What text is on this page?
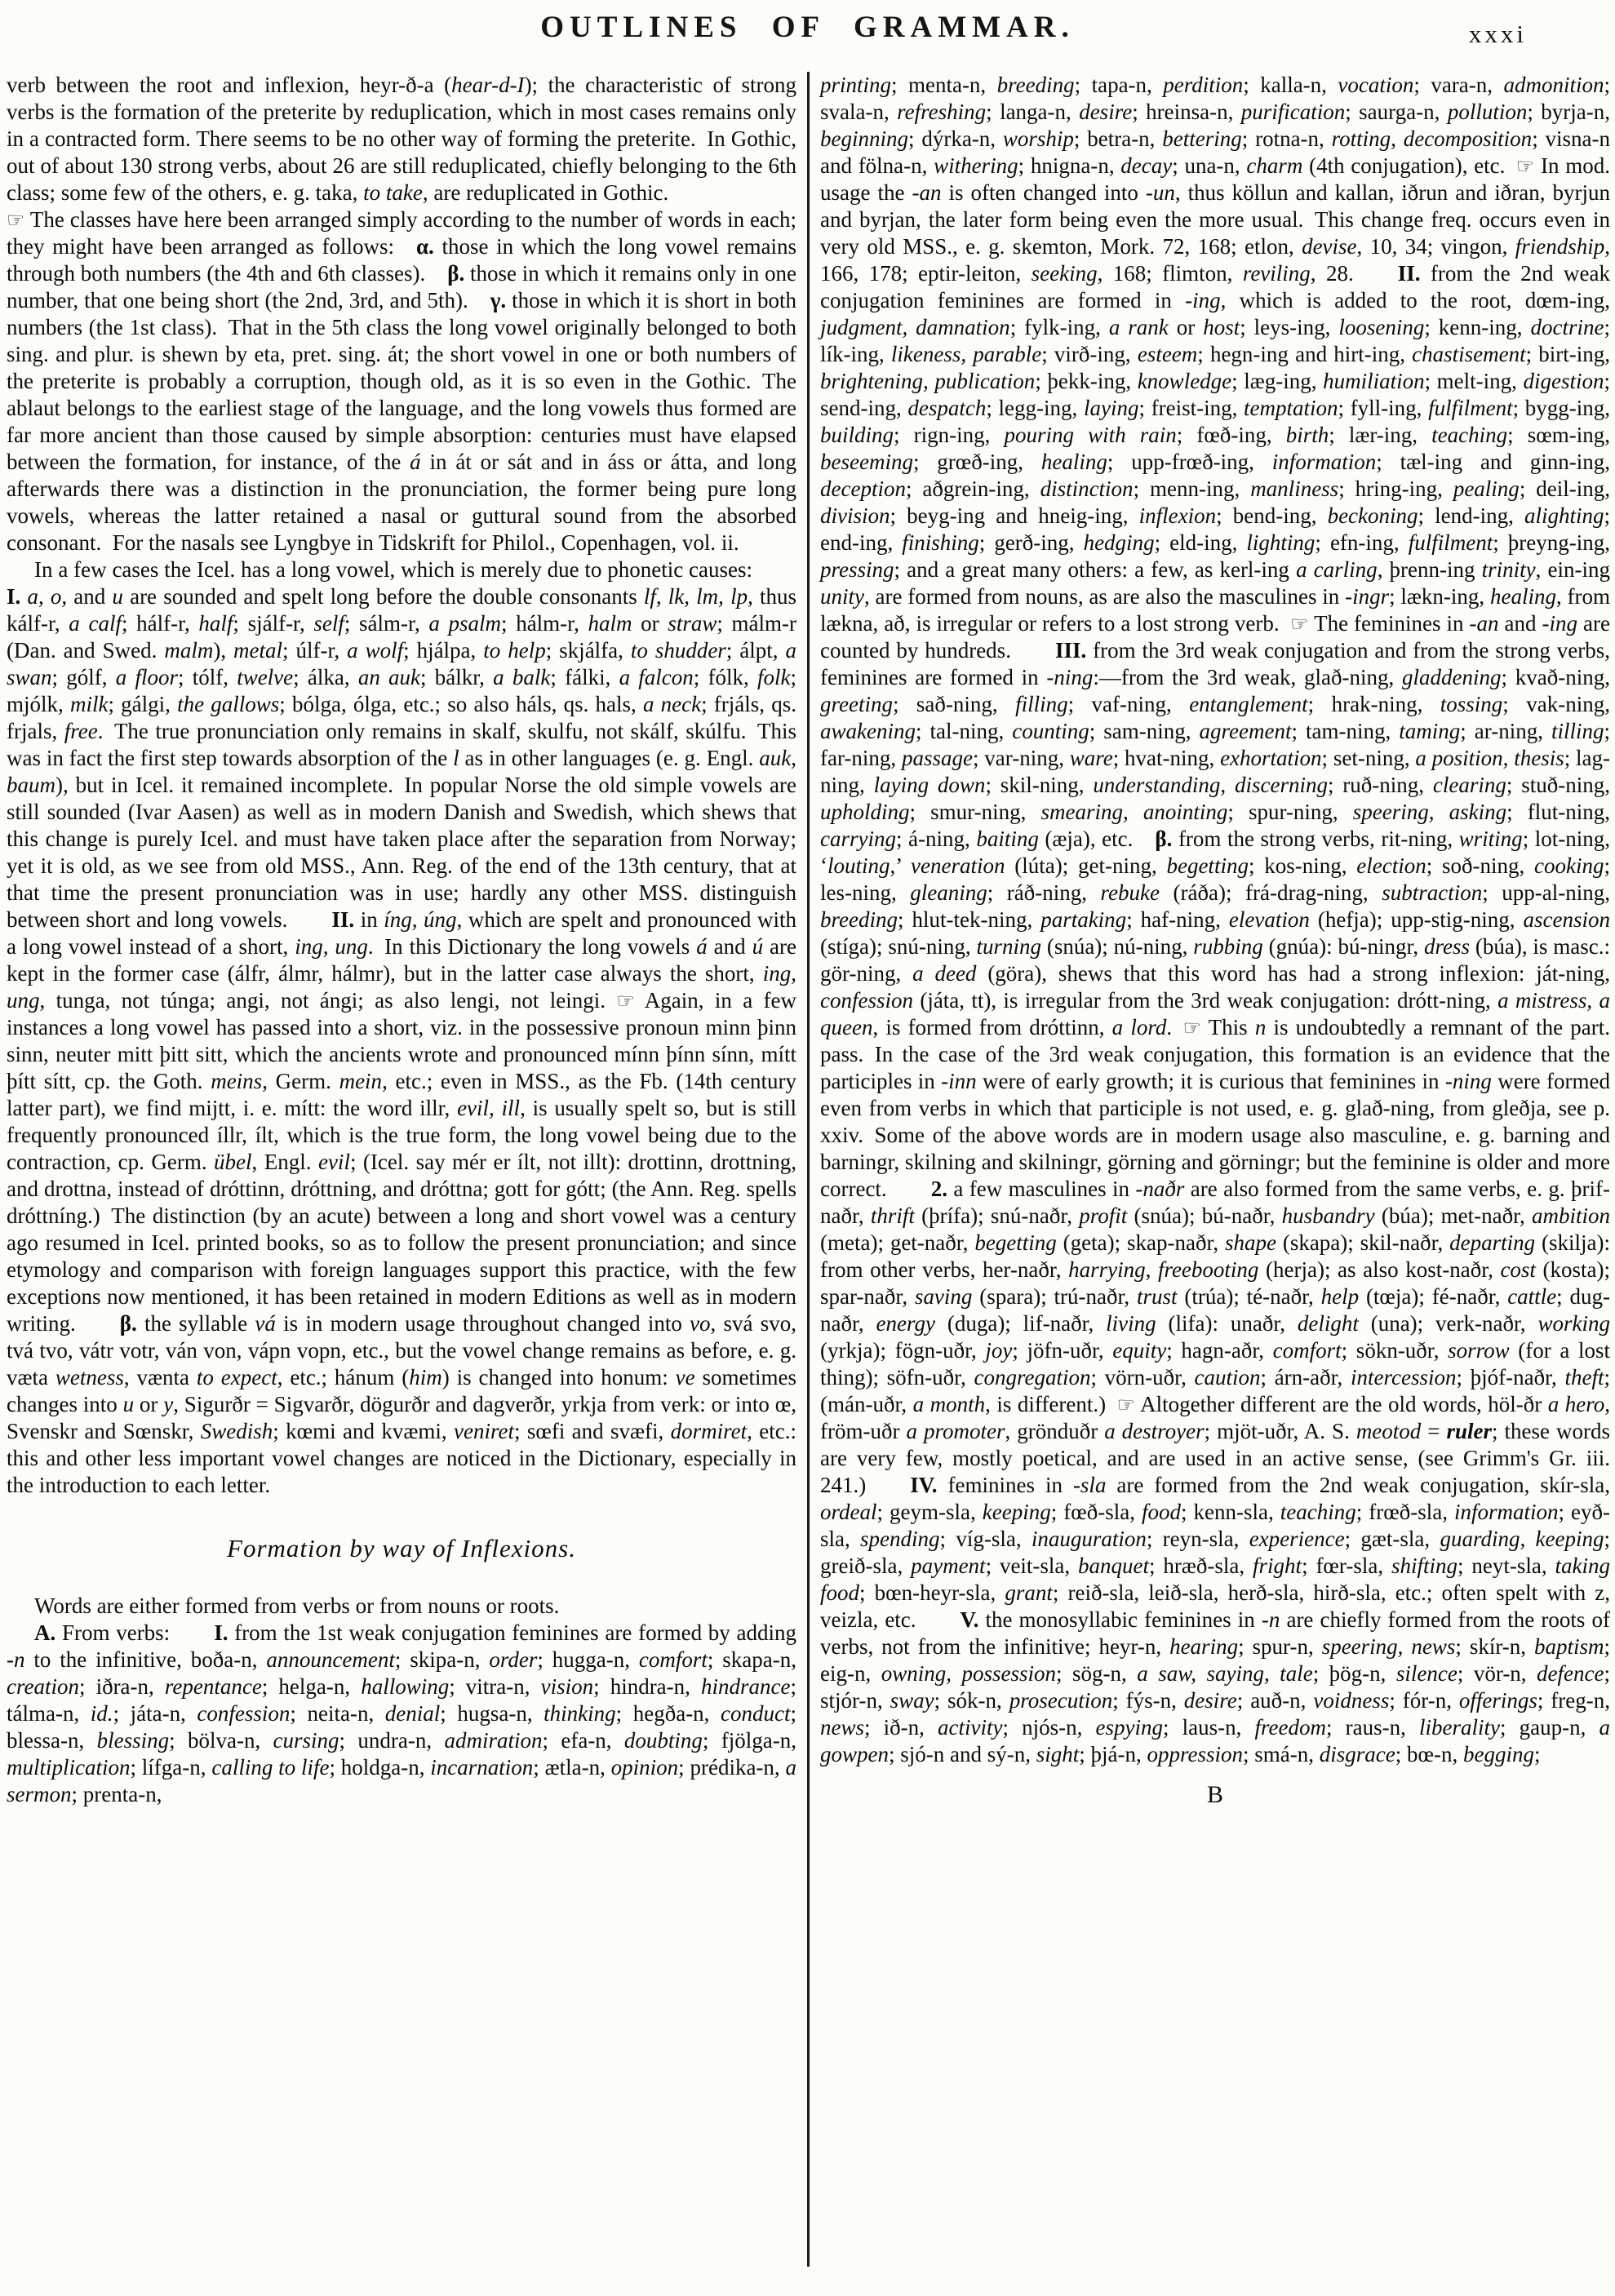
OUTLINES OF GRAMMAR.	xxxi

verb between the root and inflexion, heyr-ð-a (hear-d-I); the characteristic of strong verbs is the formation of the preterite by reduplication, which in most cases remains only in a contracted form. There seems to be no other way of forming the preterite. In Gothic, out of about 130 strong verbs, about 26 are still reduplicated, chiefly belonging to the 6th class; some few of the others, e. g. taka, to take, are reduplicated in Gothic.

☞ The classes have here been arranged simply according to the number of words in each; they might have been arranged as follows: α. those in which the long vowel remains through both numbers (the 4th and 6th classes). β. those in which it remains only in one number, that one being short (the 2nd, 3rd, and 5th). γ. those in which it is short in both numbers (the 1st class). That in the 5th class the long vowel originally belonged to both sing. and plur. is shewn by eta, pret. sing. át; the short vowel in one or both numbers of the preterite is probably a corruption, though old, as it is so even in the Gothic. The ablaut belongs to the earliest stage of the language, and the long vowels thus formed are far more ancient than those caused by simple absorption: centuries must have elapsed between the formation, for instance, of the á in át or sát and in áss or átta, and long afterwards there was a distinction in the pronunciation, the former being pure long vowels, whereas the latter retained a nasal or guttural sound from the absorbed consonant. For the nasals see Lyngbye in Tidskrift for Philol., Copenhagen, vol. ii.

In a few cases the Icel. has a long vowel, which is merely due to phonetic causes:  I. a, o, and u are sounded and spelt long before the double consonants lf, lk, lm, lp, thus kálf-r, a calf; hálf-r, half; sjálf-r, self; sálm-r, a psalm; hálm-r, halm or straw; málm-r (Dan. and Swed. malm), metal; úlf-r, a wolf; hjálpa, to help; skjálfa, to shudder; álpt, a swan; gólf, a floor; tólf, twelve; álka, an auk; bálkr, a balk; fálki, a falcon; fólk, folk; mjólk, milk; gálgi, the gallows; bólga, ólga, etc.; so also háls, qs. hals, a neck; frjáls, qs. frjals, free. The true pronunciation only remains in skalf, skulfu, not skálf, skúlfu. This was in fact the first step towards absorption of the l as in other languages (e. g. Engl. auk, baum), but in Icel. it remained incomplete. In popular Norse the old simple vowels are still sounded (Ivar Aasen) as well as in modern Danish and Swedish, which shews that this change is purely Icel. and must have taken place after the separation from Norway; yet it is old, as we see from old MSS., Ann. Reg. of the end of the 13th century, that at that time the present pronunciation was in use; hardly any other MSS. distinguish between short and long vowels.  II. in íng, úng, which are spelt and pronounced with a long vowel instead of a short, ing, ung. In this Dictionary the long vowels á and ú are kept in the former case (álfr, álmr, hálmr), but in the latter case always the short, ing, ung, tunga, not túnga; angi, not ángi; as also lengi, not leingi. ☞ Again, in a few instances a long vowel has passed into a short, viz. in the possessive pronoun minn þinn sinn, neuter mitt þitt sitt, which the ancients wrote and pronounced mínn þínn sínn, mítt þítt sítt, cp. the Goth. meins, Germ. mein, etc.; even in MSS., as the Fb. (14th century latter part), we find mijtt, i. e. mítt: the word illr, evil, ill, is usually spelt so, but is still frequently pronounced íllr, ílt, which is the true form, the long vowel being due to the contraction, cp. Germ. übel, Engl. evil; (Icel. say mér er ílt, not illt): drottinn, drottning, and drottna, instead of dróttinn, dróttning, and dróttna; gott for gótt; (the Ann. Reg. spells dróttníng.) The distinction (by an acute) between a long and short vowel was a century ago resumed in Icel. printed books, so as to follow the present pronunciation; and since etymology and comparison with foreign languages support this practice, with the few exceptions now mentioned, it has been retained in modern Editions as well as in modern writing.  β. the syllable vá is in modern usage throughout changed into vo, svá svo, tvá tvo, vátr votr, ván von, vápn vopn, etc., but the vowel change remains as before, e. g. væta wetness, vænta to expect, etc.; hánum (him) is changed into honum: ve sometimes changes into u or y, Sigurðr = Sigvarðr, dögurðr and dagverðr, yrkja from verk: or into œ, Svenskr and Sœnskr, Swedish; kœmi and kvæmi, veniret; sœfi and svæfi, dormiret, etc.: this and other less important vowel changes are noticed in the Dictionary, especially in the introduction to each letter.

Formation by way of Inflexions.

Words are either formed from verbs or from nouns or roots.

A. From verbs:  I. from the 1st weak conjugation feminines are formed by adding -n to the infinitive, boða-n, announcement; skipa-n, order; hugga-n, comfort; skapa-n, creation; iðra-n, repentance; helga-n, hallowing; vitra-n, vision; hindra-n, hindrance; tálma-n, id.; játa-n, confession; neita-n, denial; hugsa-n, thinking; hegða-n, conduct; blessa-n, blessing; bölva-n, cursing; undra-n, admiration; efa-n, doubting; fjölga-n, multiplication; lífga-n, calling to life; holdga-n, incarnation; ætla-n, opinion; prédika-n, a sermon; prenta-n,

printing; menta-n, breeding; tapa-n, perdition; kalla-n, vocation; vara-n, admonition; svala-n, refreshing; langa-n, desire; hreinsa-n, purification; saurga-n, pollution; byrja-n, beginning; dýrka-n, worship; betra-n, bettering; rotna-n, rotting, decomposition; visna-n and fölna-n, withering; hnigna-n, decay; una-n, charm (4th conjugation), etc. ☞ In mod. usage the -an is often changed into -un, thus köllun and kallan, iðrun and iðran, byrjun and byrjan, the later form being even the more usual. This change freq. occurs even in very old MSS., e. g. skemton, Mork. 72, 168; etlon, devise, 10, 34; vingon, friendship, 166, 178; eptir-leiton, seeking, 168; flimton, reviling, 28.  II. from the 2nd weak conjugation feminines are formed in -ing, which is added to the root, dœm-ing, judgment, damnation; fylk-ing, a rank or host; leys-ing, loosening; kenn-ing, doctrine; lík-ing, likeness, parable; virð-ing, esteem; hegn-ing and hirt-ing, chastisement; birt-ing, brightening, publication; þekk-ing, knowledge; læg-ing, humiliation; melt-ing, digestion; send-ing, despatch; legg-ing, laying; freist-ing, temptation; fyll-ing, fulfilment; bygg-ing, building; rign-ing, pouring with rain; fœð-ing, birth; lær-ing, teaching; sœm-ing, beseeming; grœð-ing, healing; upp-frœð-ing, information; tæl-ing and ginn-ing, deception; aðgrein-ing, distinction; menn-ing, manliness; hring-ing, pealing; deil-ing, division; beyg-ing and hneig-ing, inflexion; bend-ing, beckoning; lend-ing, alighting; end-ing, finishing; gerð-ing, hedging; eld-ing, lighting; efn-ing, fulfilment; þreyng-ing, pressing; and a great many others: a few, as kerl-ing a carling, þrenn-ing trinity, ein-ing unity, are formed from nouns, as are also the masculines in -ingr; lækn-ing, healing, from lækna, að, is irregular or refers to a lost strong verb. ☞ The feminines in -an and -ing are counted by hundreds.  III. from the 3rd weak conjugation and from the strong verbs, feminines are formed in -ning:—from the 3rd weak, glað-ning, gladdening; kvað-ning, greeting; sað-ning, filling; vaf-ning, entanglement; hrak-ning, tossing; vak-ning, awakening; tal-ning, counting; sam-ning, agreement; tam-ning, taming; ar-ning, tilling; far-ning, passage; var-ning, ware; hvat-ning, exhortation; set-ning, a position, thesis; lag-ning, laying down; skil-ning, understanding, discerning; ruð-ning, clearing; stuð-ning, upholding; smur-ning, smearing, anointing; spur-ning, speering, asking; flut-ning, carrying; á-ning, baiting (æja), etc. β. from the strong verbs, rit-ning, writing; lot-ning, ‘louting,’ veneration (lúta); get-ning, begetting; kos-ning, election; soð-ning, cooking; les-ning, gleaning; ráð-ning, rebuke (ráða); frá-drag-ning, subtraction; upp-al-ning, breeding; hlut-tek-ning, partaking; haf-ning, elevation (hefja); upp-stig-ning, ascension (stíga); snú-ning, turning (snúa); nú-ning, rubbing (gnúa): bú-ningr, dress (búa), is masc.: gör-ning, a deed (göra), shews that this word has had a strong inflexion: ját-ning, confession (játa, tt), is irregular from the 3rd weak conjugation: drótt-ning, a mistress, a queen, is formed from dróttinn, a lord. ☞ This n is undoubtedly a remnant of the part. pass. In the case of the 3rd weak conjugation, this formation is an evidence that the participles in -inn were of early growth; it is curious that feminines in -ning were formed even from verbs in which that participle is not used, e. g. glað-ning, from gleðja, see p. xxiv. Some of the above words are in modern usage also masculine, e. g. barning and barningr, skilning and skilningr, görning and görningr; but the feminine is older and more correct.  2. a few masculines in -naðr are also formed from the same verbs, e. g. þrif-naðr, thrift (þrífa); snú-naðr, profit (snúa); bú-naðr, husbandry (búa); met-naðr, ambition (meta); get-naðr, begetting (geta); skap-naðr, shape (skapa); skil-naðr, departing (skilja): from other verbs, her-naðr, harrying, freebooting (herja); as also kost-naðr, cost (kosta); spar-naðr, saving (spara); trú-naðr, trust (trúa); té-naðr, help (tœja); fé-naðr, cattle; dug-naðr, energy (duga); lif-naðr, living (lifa): unaðr, delight (una); verk-naðr, working (yrkja); fögn-uðr, joy; jöfn-uðr, equity; hagn-aðr, comfort; sökn-uðr, sorrow (for a lost thing); söfn-uðr, congregation; vörn-uðr, caution; árn-aðr, intercession; þjóf-naðr, theft; (mán-uðr, a month, is different.) ☞ Altogether different are the old words, höl-ðr a hero, fröm-uðr a promoter, grönduðr a destroyer; mjöt-uðr, A. S. meotod = ruler; these words are very few, mostly poetical, and are used in an active sense, (see Grimm's Gr. iii. 241.)  IV. feminines in -sla are formed from the 2nd weak conjugation, skír-sla, ordeal; geym-sla, keeping; fœð-sla, food; kenn-sla, teaching; frœð-sla, information; eyð-sla, spending; víg-sla, inauguration; reyn-sla, experience; gæt-sla, guarding, keeping; greið-sla, payment; veit-sla, banquet; hræð-sla, fright; fœr-sla, shifting; neyt-sla, taking food; bœn-heyr-sla, grant; reið-sla, leið-sla, herð-sla, hirð-sla, etc.; often spelt with z, veizla, etc.  V. the monosyllabic feminines in -n are chiefly formed from the roots of verbs, not from the infinitive; heyr-n, hearing; spur-n, speering, news; skír-n, baptism; eig-n, owning, possession; sög-n, a saw, saying, tale; þög-n, silence; vör-n, defence; stjór-n, sway; sók-n, prosecution; fýs-n, desire; auð-n, voidness; fór-n, offerings; freg-n, news; ið-n, activity; njós-n, espying; laus-n, freedom; raus-n, liberality; gaup-n, a gowpen; sjó-n and sý-n, sight; þjá-n, oppression; smá-n, disgrace; bœ-n, begging;

B
